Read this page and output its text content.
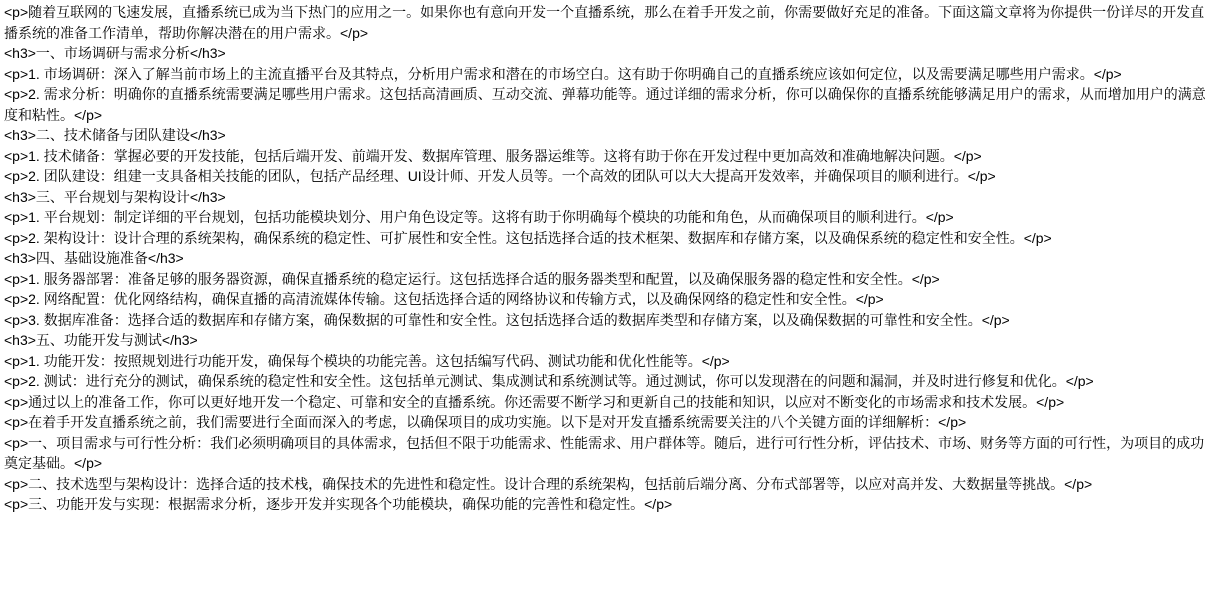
<p>随着互联网的飞速发展，直播系统已成为当下热门的应用之一。如果你也有意向开发一个直播系统，那么在着手开发之前，你需要做好充足的准备。下面这篇文章将为你提供一份详尽的开发直播系统的准备工作清单，帮助你解决潜在的用户需求。</p>
<h3>一、市场调研与需求分析</h3>
<p>1. 市场调研：深入了解当前市场上的主流直播平台及其特点，分析用户需求和潜在的市场空白。这有助于你明确自己的直播系统应该如何定位，以及需要满足哪些用户需求。</p>
<p>2. 需求分析：明确你的直播系统需要满足哪些用户需求。这包括高清画质、互动交流、弹幕功能等。通过详细的需求分析，你可以确保你的直播系统能够满足用户的需求，从而增加用户的满意度和粘性。</p>
<h3>二、技术储备与团队建设</h3>
<p>1. 技术储备：掌握必要的开发技能，包括后端开发、前端开发、数据库管理、服务器运维等。这将有助于你在开发过程中更加高效和准确地解决问题。</p>
<p>2. 团队建设：组建一支具备相关技能的团队，包括产品经理、UI设计师、开发人员等。一个高效的团队可以大大提高开发效率，并确保项目的顺利进行。</p>
<h3>三、平台规划与架构设计</h3>
<p>1. 平台规划：制定详细的平台规划，包括功能模块划分、用户角色设定等。这将有助于你明确每个模块的功能和角色，从而确保项目的顺利进行。</p>
<p>2. 架构设计：设计合理的系统架构，确保系统的稳定性、可扩展性和安全性。这包括选择合适的技术框架、数据库和存储方案，以及确保系统的稳定性和安全性。</p>
<h3>四、基础设施准备</h3>
<p>1. 服务器部署：准备足够的服务器资源，确保直播系统的稳定运行。这包括选择合适的服务器类型和配置，以及确保服务器的稳定性和安全性。</p>
<p>2. 网络配置：优化网络结构，确保直播的高清流媒体传输。这包括选择合适的网络协议和传输方式，以及确保网络的稳定性和安全性。</p>
<p>3. 数据库准备：选择合适的数据库和存储方案，确保数据的可靠性和安全性。这包括选择合适的数据库类型和存储方案，以及确保数据的可靠性和安全性。</p>
<h3>五、功能开发与测试</h3>
<p>1. 功能开发：按照规划进行功能开发，确保每个模块的功能完善。这包括编写代码、测试功能和优化性能等。</p>
<p>2. 测试：进行充分的测试，确保系统的稳定性和安全性。这包括单元测试、集成测试和系统测试等。通过测试，你可以发现潜在的问题和漏洞，并及时进行修复和优化。</p>
<p>通过以上的准备工作，你可以更好地开发一个稳定、可靠和安全的直播系统。你还需要不断学习和更新自己的技能和知识，以应对不断变化的市场需求和技术发展。</p>
<p>在着手开发直播系统之前，我们需要进行全面而深入的考虑，以确保项目的成功实施。以下是对开发直播系统需要关注的八个关键方面的详细解析：</p>
<p>一、项目需求与可行性分析：我们必须明确项目的具体需求，包括但不限于功能需求、性能需求、用户群体等。随后，进行可行性分析，评估技术、市场、财务等方面的可行性，为项目的成功奠定基础。</p>
<p>二、技术选型与架构设计：选择合适的技术栈，确保技术的先进性和稳定性。设计合理的系统架构，包括前后端分离、分布式部署等，以应对高并发、大数据量等挑战。</p>
<p>三、功能开发与实现：根据需求分析，逐步开发并实现各个功能模块，确保功能的完善性和稳定性。</p>
